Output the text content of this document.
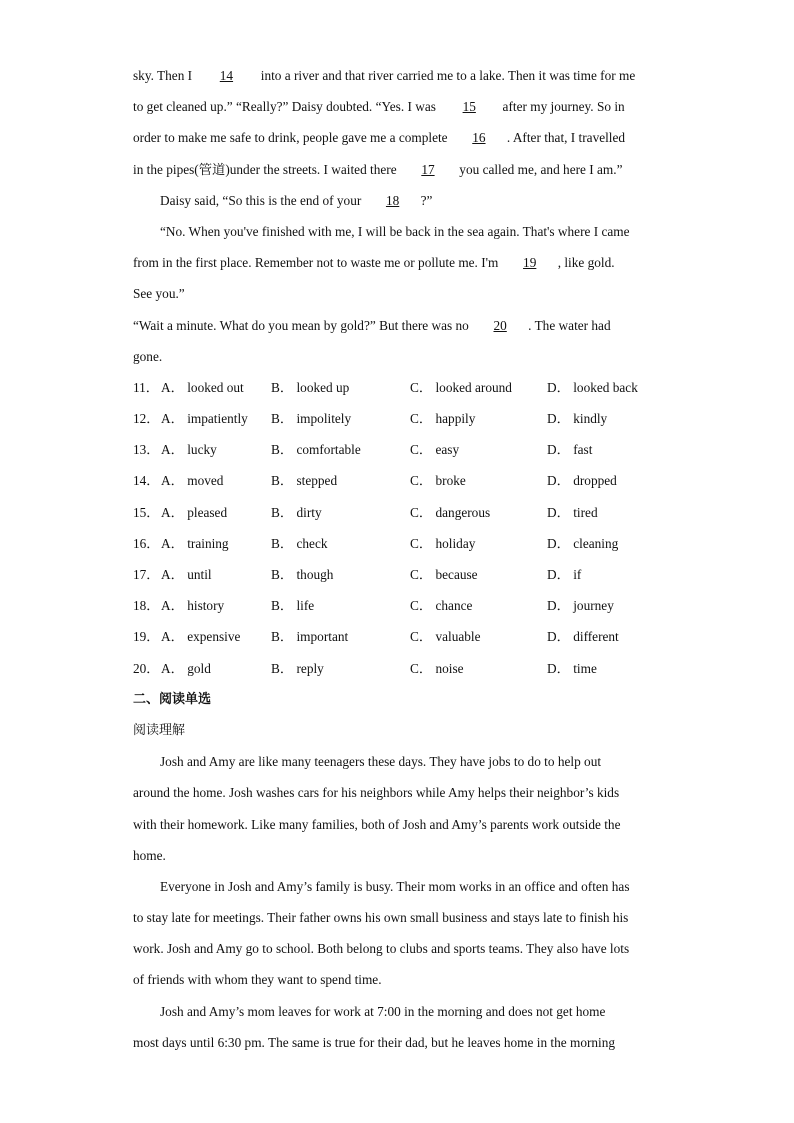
sky. Then I 14 into a river and that river carried me to a lake. Then it was time for me
to get cleaned up.” “Really?” Daisy doubted. “Yes. I was 15 after my journey. So in
order to make me safe to drink, people gave me a complete 16 . After that, I travelled
in the pipes(管道)under the streets. I waited there 17 you called me, and here I am.”
Daisy said, “So this is the end of your 18 ?”
“No. When you've finished with me, I will be back in the sea again. That's where I came
from in the first place. Remember not to waste me or pollute me. I'm 19 , like gold.
See you.”
“Wait a minute. What do you mean by gold?” But there was no 20 . The water had
gone.
11． A． looked out B． looked up	C． looked around	D． looked back
12． A． impatiently B． impolitely	C． happily	D． kindly
13． A． lucky	B． comfortable	C． easy	D． fast
14． A． moved	B． stepped	C． broke	D． dropped
15． A． pleased	B． dirty	C． dangerous	D． tired
16． A． training	B． check	C． holiday	D． cleaning
17． A． until	B． though	C． because	D． if
18． A． history	B． life	C． chance	D． journey
19． A． expensive B． important	C． valuable	D． different
20． A． gold	B． reply	C． noise	D． time
二、阅读单选
阅读理解
Josh and Amy are like many teenagers these days. They have jobs to do to help out
around the home. Josh washes cars for his neighbors while Amy helps their neighbor’s kids
with their homework. Like many families, both of Josh and Amy’s parents work outside the
home.
Everyone in Josh and Amy’s family is busy. Their mom works in an office and often has
to stay late for meetings. Their father owns his own small business and stays late to finish his
work. Josh and Amy go to school. Both belong to clubs and sports teams. They also have lots
of friends with whom they want to spend time.
Josh and Amy’s mom leaves for work at 7:00 in the morning and does not get home
most days until 6:30 pm. The same is true for their dad, but he leaves home in the morning
